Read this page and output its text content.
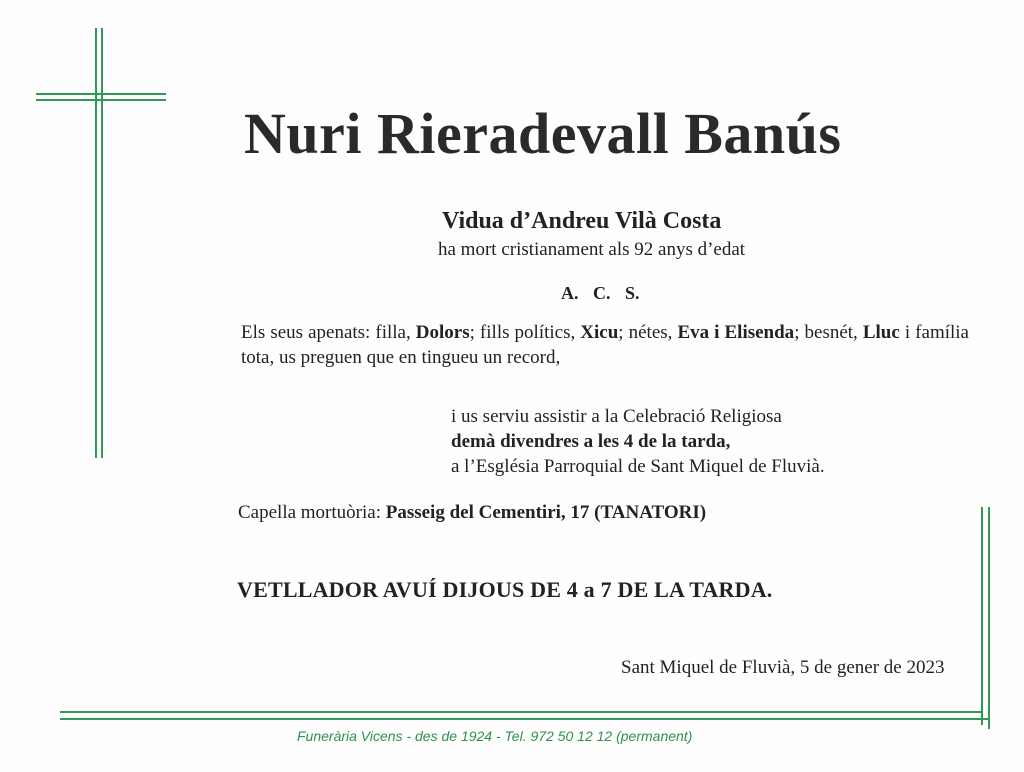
Nuri Rieradevall Banús
Vidua d’Andreu Vilà Costa
ha mort cristianament als 92 anys d’edat
A. C. S.
Els seus apenats: filla, Dolors; fills polítics, Xicu; nétes, Eva i Elisenda; besnét, Lluc i família tota, us preguen que en tingueu un record,
i us serviu assistir a la Celebració Religiosa
demà divendres a les 4 de la tarda,
a l’Església Parroquial de Sant Miquel de Fluvià.
Capella mortuòria: Passeig del Cementiri, 17 (TANATORI)
VETLLADOR AVUÍ DIJOUS DE 4 a 7 DE LA TARDA.
Sant Miquel de Fluvià, 5 de gener de 2023
Funerària Vicens - des de 1924 - Tel. 972 50 12 12 (permanent)
